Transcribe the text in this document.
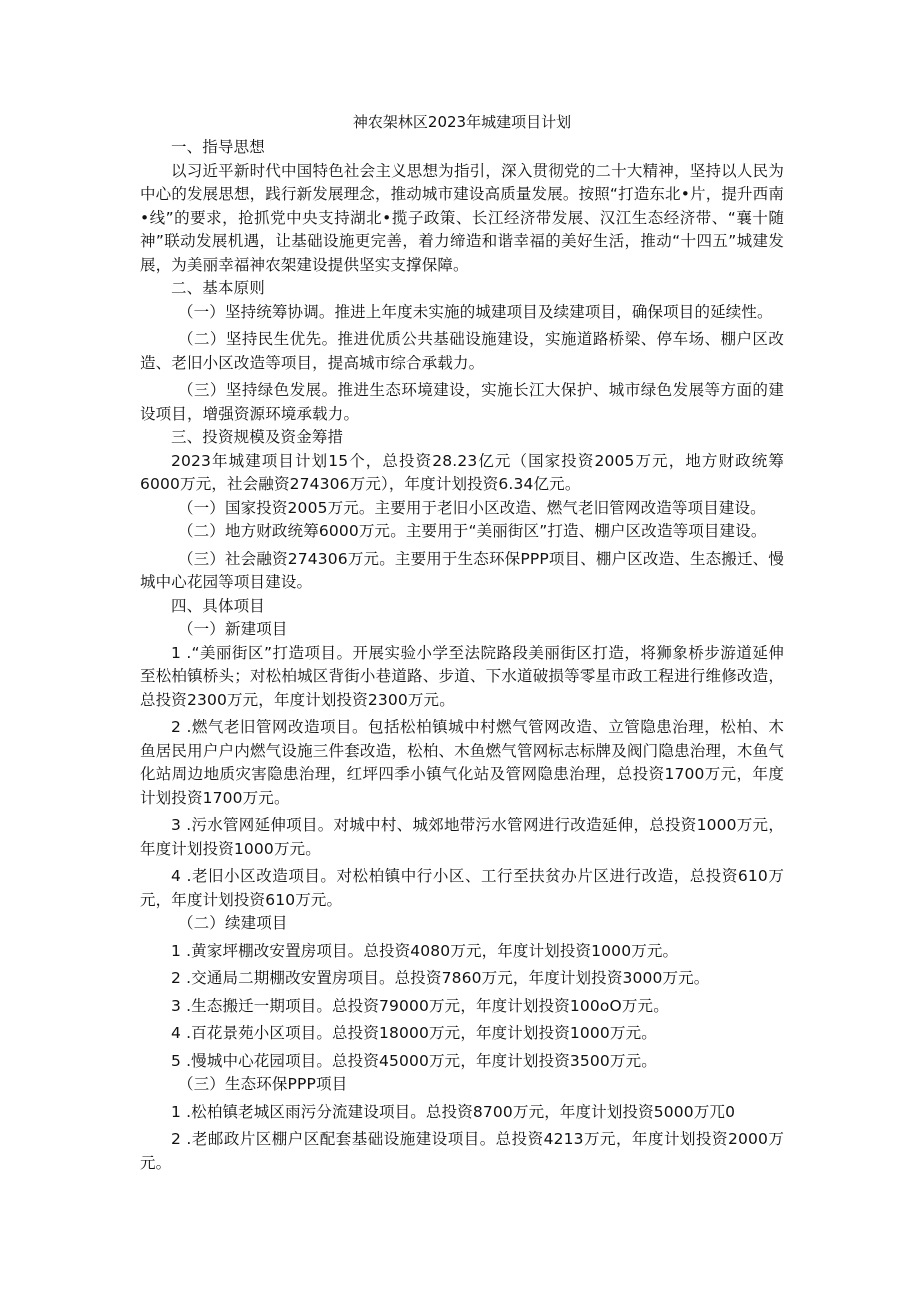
神农架林区2023年城建项目计划

一、指导思想

以习近平新时代中国特色社会主义思想为指引，深入贯彻党的二十大精神，坚持以人民为中心的发展思想，践行新发展理念，推动城市建设高质量发展。按照“打造东北•片，提升西南•线”的要求，抢抓党中央支持湖北•揽子政策、长江经济带发展、汉江生态经济带、“襄十随神”联动发展机遇，让基础设施更完善，着力缔造和谐幸福的美好生活，推动“十四五”城建发展，为美丽幸福神农架建设提供坚实支撑保障。

二、基本原则

（一）坚持统筹协调。推进上年度未实施的城建项目及续建项目，确保项目的延续性。

（二）坚持民生优先。推进优质公共基础设施建设，实施道路桥梁、停车场、棚户区改造、老旧小区改造等项目，提高城市综合承载力。

（三）坚持绿色发展。推进生态环境建设，实施长江大保护、城市绿色发展等方面的建设项目，增强资源环境承载力。

三、投资规模及资金筹措

2023年城建项目计划15个，总投资28.23亿元（国家投资2005万元，地方财政统筹6000万元，社会融资274306万元），年度计划投资6.34亿元。

（一）国家投资2005万元。主要用于老旧小区改造、燃气老旧管网改造等项目建设。

（二）地方财政统筹6000万元。主要用于“美丽街区”打造、棚户区改造等项目建设。

（三）社会融资274306万元。主要用于生态环保PPP项目、棚户区改造、生态搬迁、慢城中心花园等项目建设。

四、具体项目

（一）新建项目

1 .“美丽街区”打造项目。开展实验小学至法院路段美丽街区打造，将狮象桥步游道延伸至松柏镇桥头；对松柏城区背街小巷道路、步道、下水道破损等零星市政工程进行维修改造，总投资2300万元，年度计划投资2300万元。

2 .燃气老旧管网改造项目。包括松柏镇城中村燃气管网改造、立管隐患治理，松柏、木鱼居民用户户内燃气设施三件套改造，松柏、木鱼燃气管网标志标牌及阀门隐患治理，木鱼气化站周边地质灾害隐患治理，红坪四季小镇气化站及管网隐患治理，总投资1700万元，年度计划投资1700万元。

3 .污水管网延伸项目。对城中村、城郊地带污水管网进行改造延伸，总投资1000万元，年度计划投资1000万元。

4 .老旧小区改造项目。对松柏镇中行小区、工行至扶贫办片区进行改造，总投资610万元，年度计划投资610万元。

（二）续建项目

1 .黄家坪棚改安置房项目。总投资4080万元，年度计划投资1000万元。

2 .交通局二期棚改安置房项目。总投资7860万元，年度计划投资3000万元。

3 .生态搬迁一期项目。总投资79000万元，年度计划投资100oO万元。

4 .百花景苑小区项目。总投资18000万元，年度计划投资1000万元。

5 .慢城中心花园项目。总投资45000万元，年度计划投资3500万元。

（三）生态环保PPP项目

1 .松柏镇老城区雨污分流建设项目。总投资8700万元，年度计划投资5000万兀0

2 .老邮政片区棚户区配套基础设施建设项目。总投资4213万元，年度计划投资2000万元。
